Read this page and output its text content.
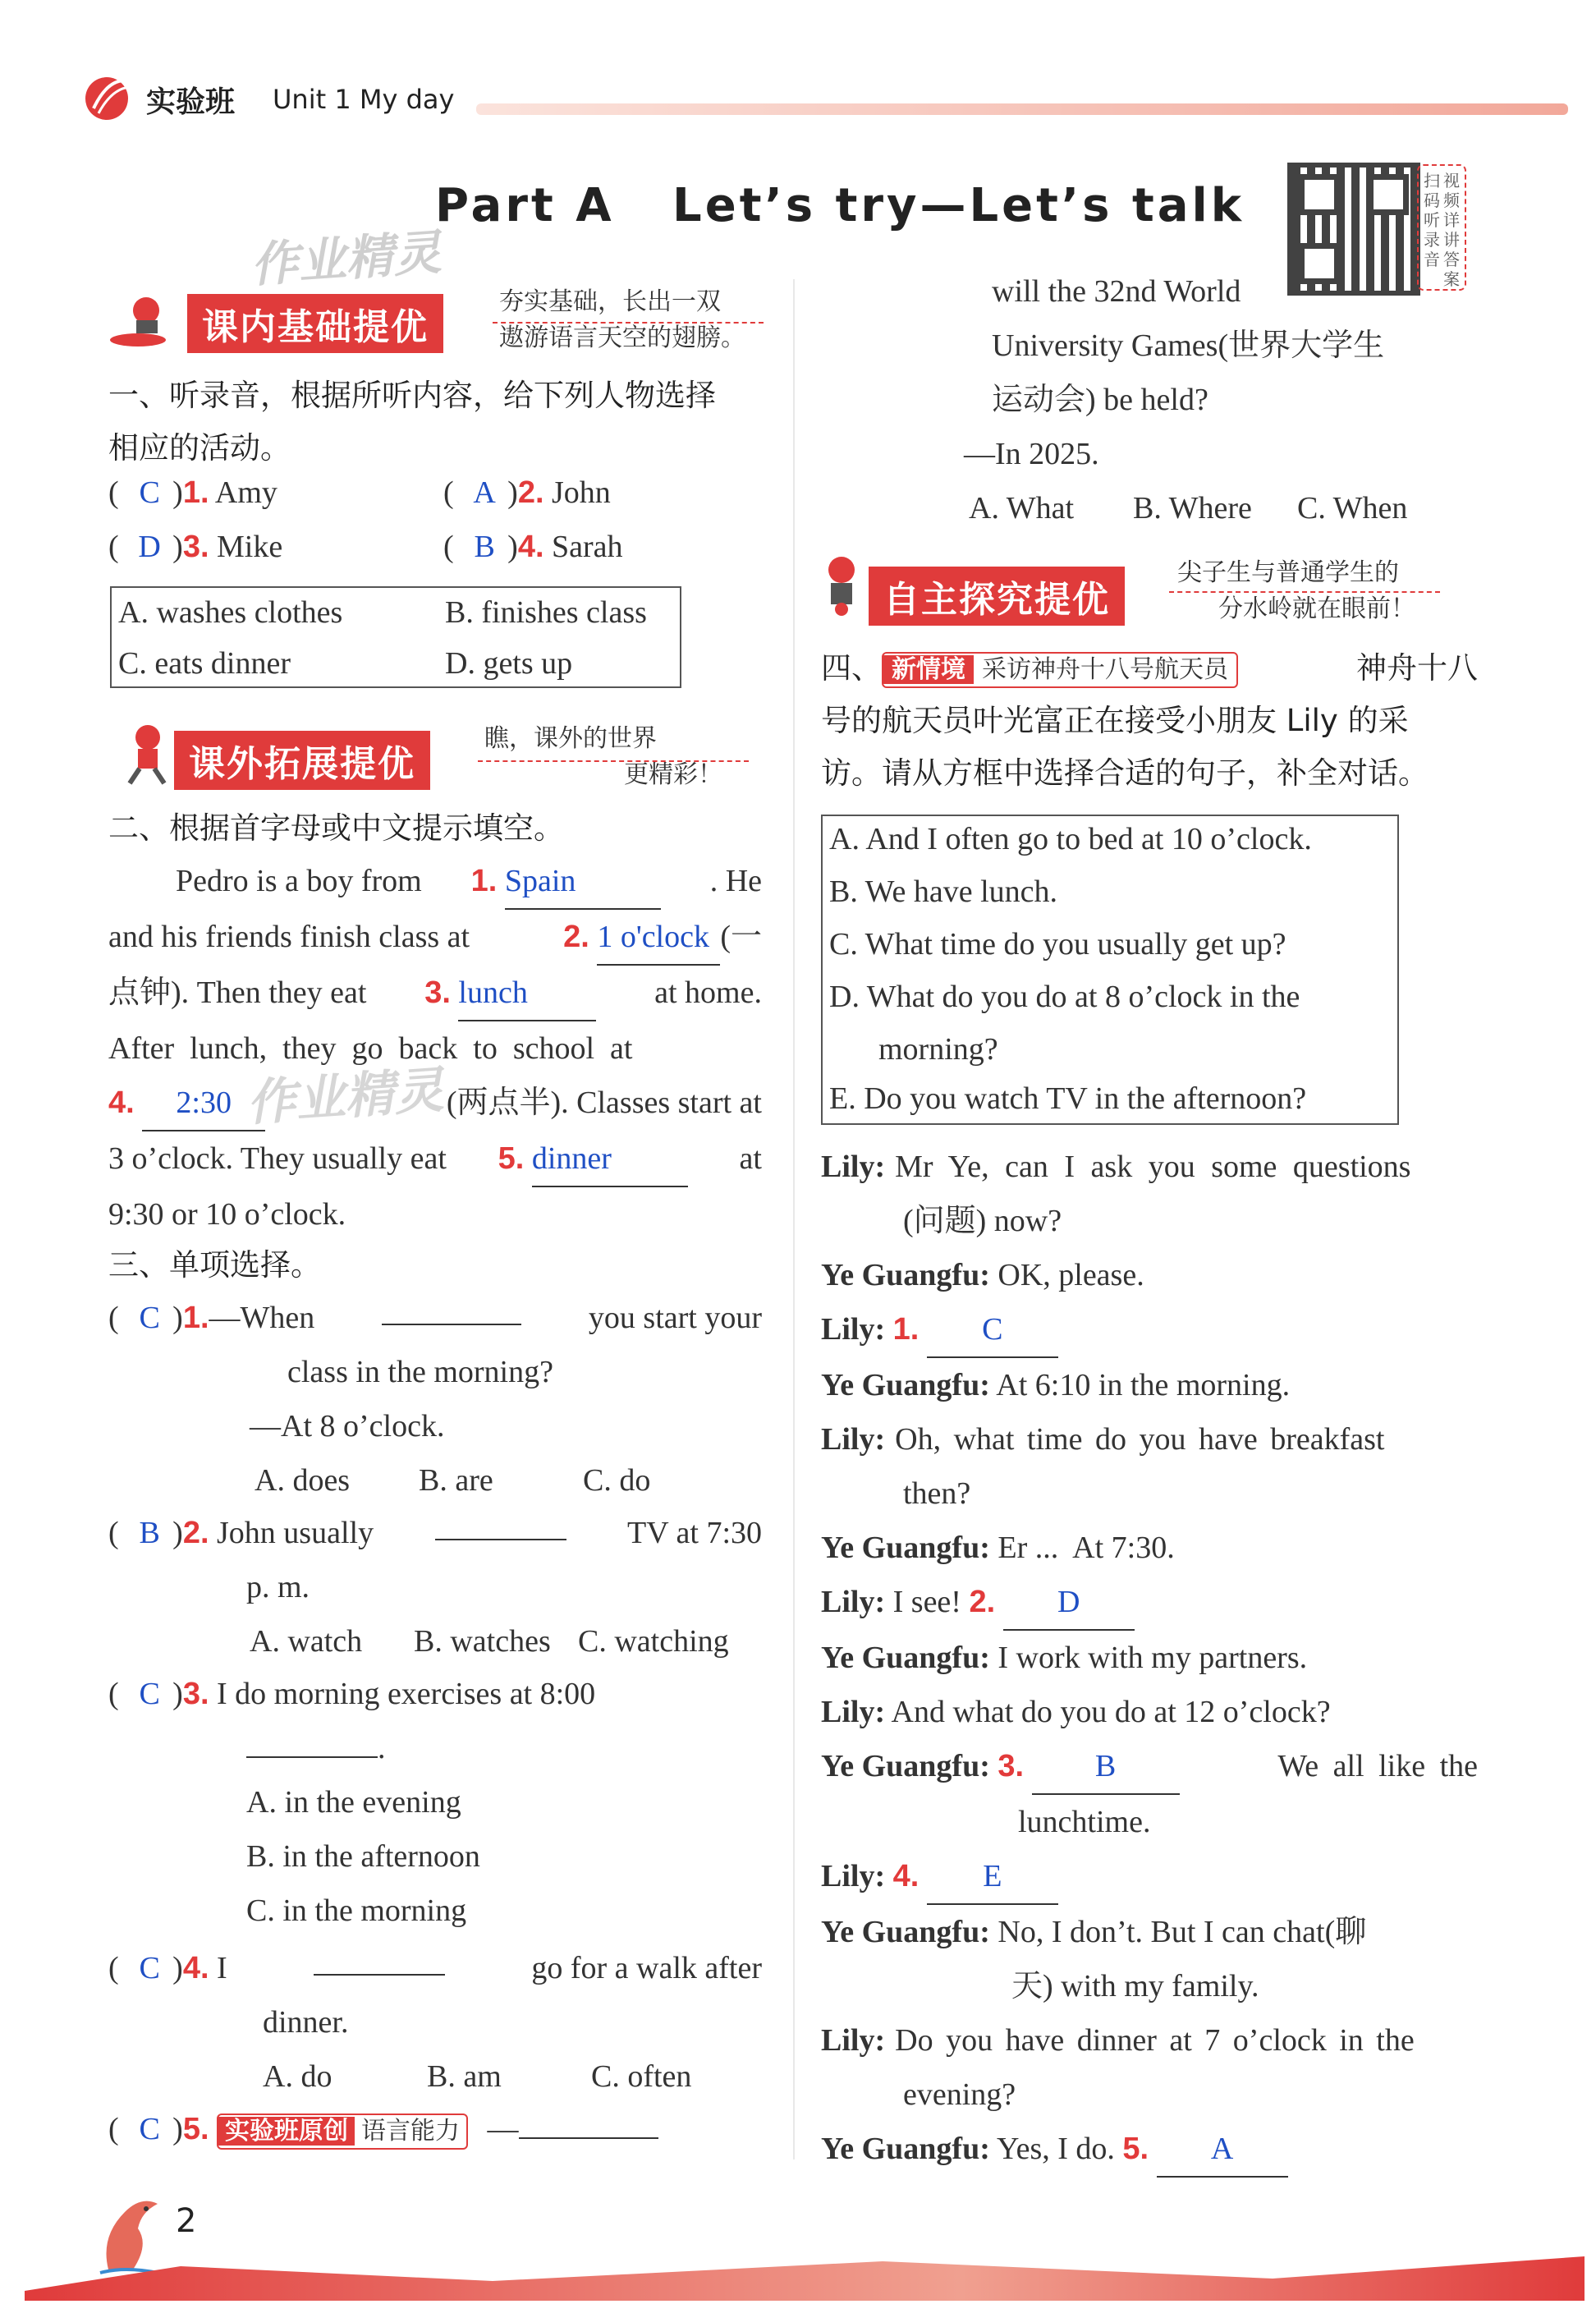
实验班 Unit 1 My day
Part A   Let’s try—Let’s talk
作业精灵
扫
码
听
录
音
视
频
详
讲
答
案
课内基础提优
夯实基础，长出一双
遨游语言天空的翅膀。
一、听录音，根据所听内容，给下列人物选择
相应的活动。
( C )1. Amy	( A )2. John
( D )3. Mike	( B )4. Sarah
A. washes clothes	B. finishes class
C. eats dinner	D. gets up
课外拓展提优
瞧，课外的世界
更精彩！
二、根据首字母或中文提示填空。
Pedro is a boy from 1. Spain	. He
and his friends finish class at	2. 1 o'clock (一
点钟). Then they eat 3. lunch	at home.
After  lunch,  they  go  back  to  school  at
4. 2:30	(两点半). Classes start at
3 o’clock. They usually eat 5. dinner	at
9:30 or 10 o’clock.
作业精灵
三、单项选择。
( C )1.—When	you start your
class in the morning?
—At 8 o’clock.
A. does B. are	C. do
( B )2. John usually	TV at 7:30
p. m.
A. watch B. watches C. watching
( C )3. I do morning exercises at 8:00
.
A. in the evening
B. in the afternoon
C. in the morning
( C )4. I	go for a walk after
dinner.
A. do	B. am	C. often
( C )5. 实验班原创 语言能力 —
will the 32nd World
University Games(世界大学生
运动会) be held?
—In 2025.
A. What B. Where C. When
自主探究提优
尖子生与普通学生的
分水岭就在眼前！
四、 新情境 采访神舟十八号航天员	神舟十八
号的航天员叶光富正在接受小朋友 Lily 的采
访。请从方框中选择合适的句子，补全对话。
A. And I often go to bed at 10 o’clock.
B. We have lunch.
C. What time do you usually get up?
D. What do you do at 8 o’clock in the
morning?
E. Do you watch TV in the afternoon?
Lily: Mr Ye, can I ask you some questions
(问题) now?
Ye Guangfu: OK, please.
Lily: 1. C
Ye Guangfu: At 6:10 in the morning.
Lily: Oh, what time do you have breakfast
then?
Ye Guangfu: Er ...  At 7:30.
Lily: I see! 2. D
Ye Guangfu: I work with my partners.
Lily: And what do you do at 12 o’clock?
Ye Guangfu: 3. B	We all like the
lunchtime.
Lily: 4. E
Ye Guangfu: No, I don’t. But I can chat(聊
天) with my family.
Lily: Do you have dinner at 7 o’clock in the
evening?
Ye Guangfu: Yes, I do. 5. A
2
